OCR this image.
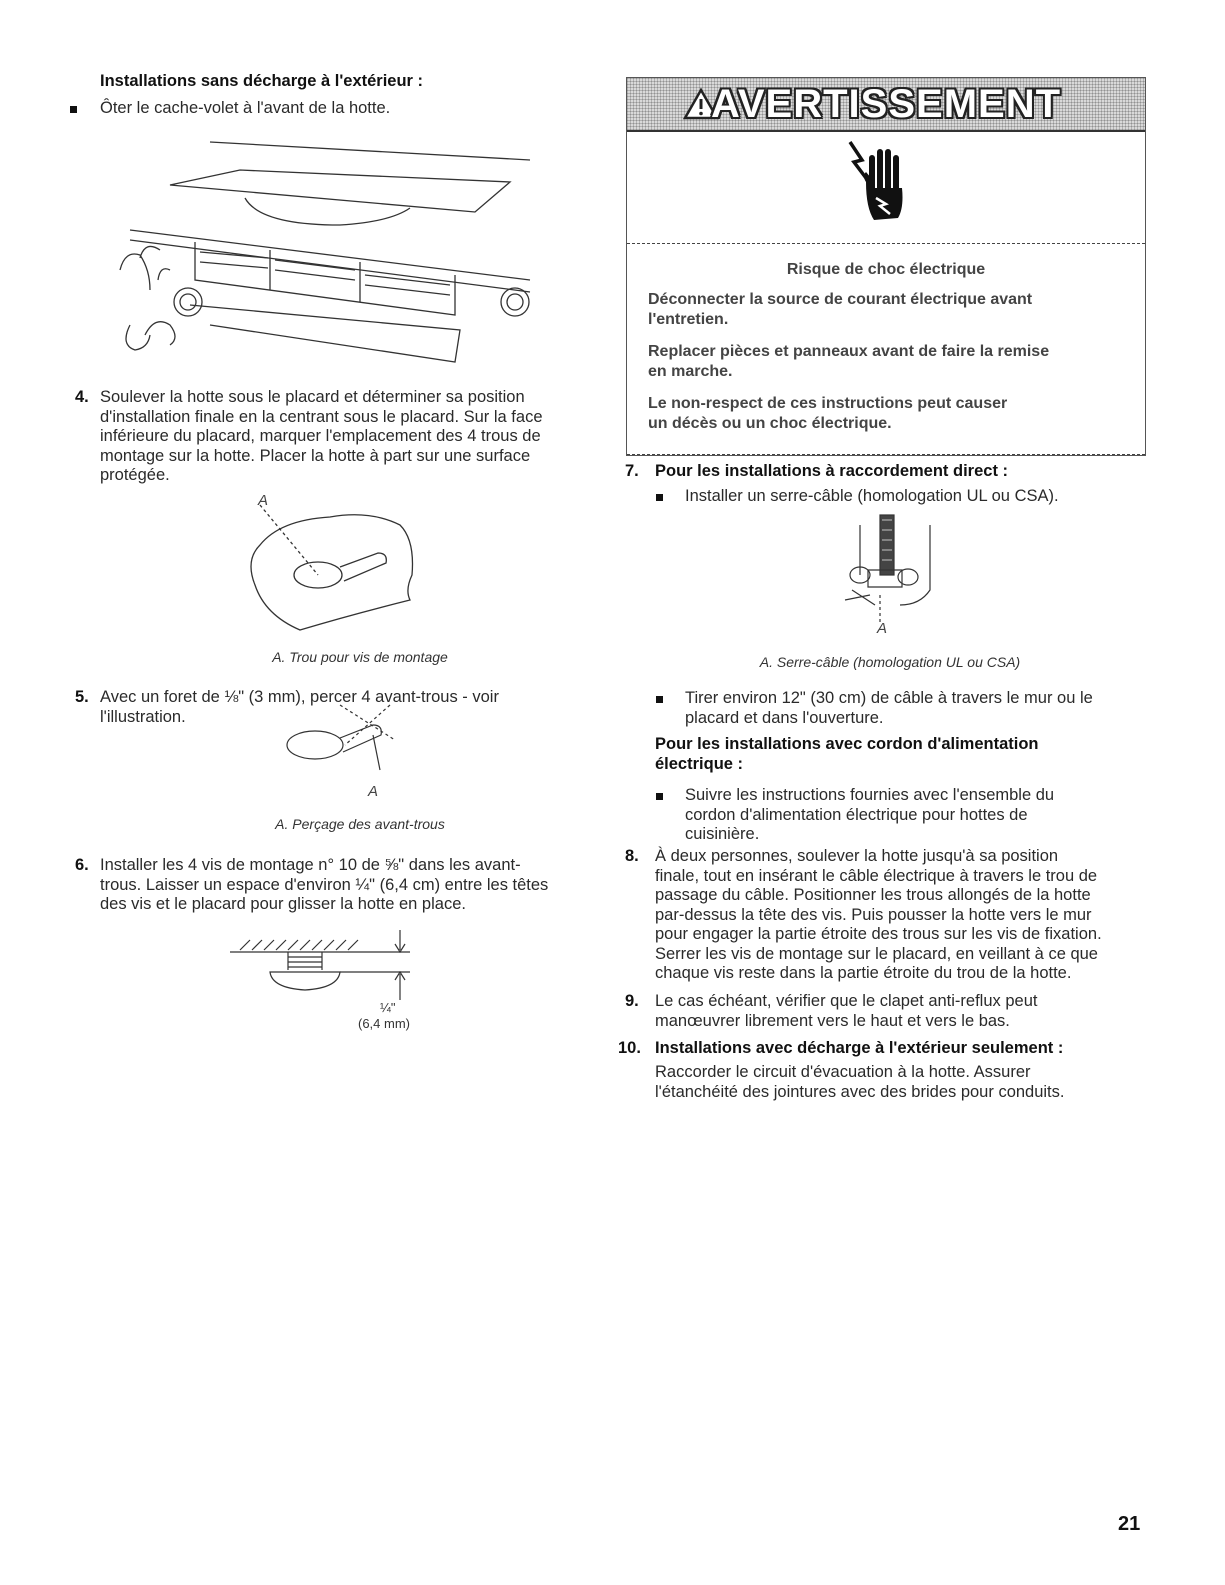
Installations sans décharge à l'extérieur :
Ôter le cache-volet à l'avant de la hotte.
4. Soulever la hotte sous le placard et déterminer sa position
d'installation finale en la centrant sous le placard. Sur la face
inférieure du placard, marquer l'emplacement des 4 trous de
montage sur la hotte. Placer la hotte à part sur une surface
protégée.
A
A. Trou pour vis de montage
5. Avec un foret de ⅛" (3 mm), percer 4 avant-trous - voir
l'illustration.
A
A. Perçage des avant-trous
6. Installer les 4 vis de montage n° 10 de ⅝" dans les avant-
trous. Laisser un espace d'environ ¼" (6,4 cm) entre les têtes
des vis et le placard pour glisser la hotte en place.
¼"
(6,4 mm)
AVERTISSEMENT
Risque de choc électrique
Déconnecter la source de courant électrique avant
l'entretien.
Replacer pièces et panneaux avant de faire la remise
en marche.
Le non-respect de ces instructions peut causer
un décès ou un choc électrique.
7. Pour les installations à raccordement direct :
Installer un serre-câble (homologation UL ou CSA).
A
A. Serre-câble (homologation UL ou CSA)
Tirer environ 12" (30 cm) de câble à travers le mur ou le
placard et dans l'ouverture.
Pour les installations avec cordon d'alimentation
électrique :
Suivre les instructions fournies avec l'ensemble du
cordon d'alimentation électrique pour hottes de
cuisinière.
8. À deux personnes, soulever la hotte jusqu'à sa position
finale, tout en insérant le câble électrique à travers le trou de
passage du câble. Positionner les trous allongés de la hotte
par-dessus la tête des vis. Puis pousser la hotte vers le mur
pour engager la partie étroite des trous sur les vis de fixation.
Serrer les vis de montage sur le placard, en veillant à ce que
chaque vis reste dans la partie étroite du trou de la hotte.
9. Le cas échéant, vérifier que le clapet anti-reflux peut
manœuvrer librement vers le haut et vers le bas.
10. Installations avec décharge à l'extérieur seulement :
Raccorder le circuit d'évacuation à la hotte. Assurer
l'étanchéité des jointures avec des brides pour conduits.
21
